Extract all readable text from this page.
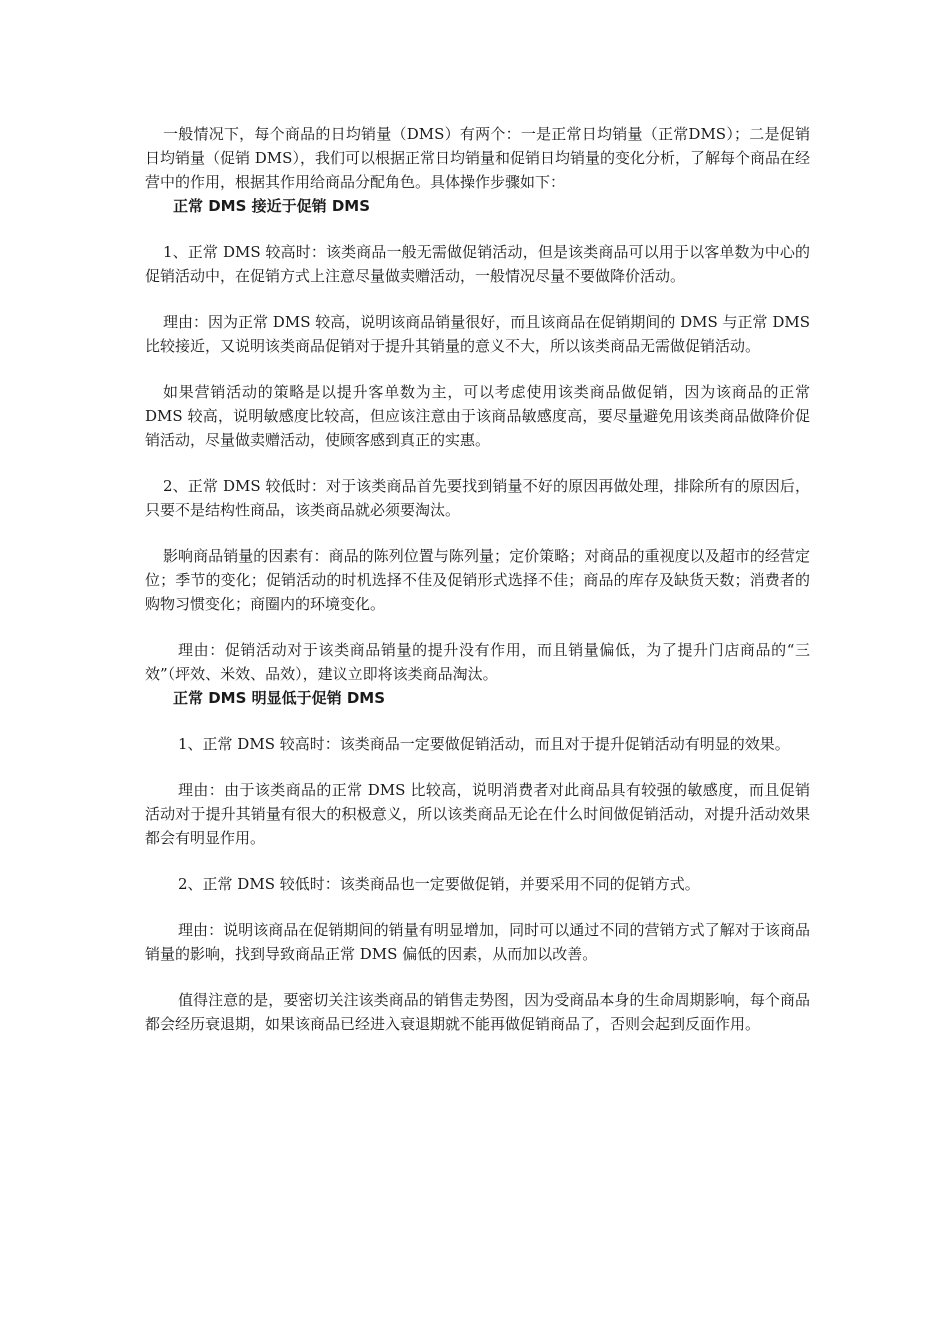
一般情况下，每个商品的日均销量（DMS）有两个：一是正常日均销量（正常DMS）；二是促销日均销量（促销 DMS），我们可以根据正常日均销量和促销日均销量的变化分析，了解每个商品在经营中的作用，根据其作用给商品分配角色。具体操作步骤如下：

正常 DMS 接近于促销 DMS

1、正常 DMS 较高时：该类商品一般无需做促销活动，但是该类商品可以用于以客单数为中心的促销活动中，在促销方式上注意尽量做卖赠活动，一般情况尽量不要做降价活动。

理由：因为正常 DMS 较高，说明该商品销量很好，而且该商品在促销期间的 DMS 与正常 DMS 比较接近，又说明该类商品促销对于提升其销量的意义不大，所以该类商品无需做促销活动。

如果营销活动的策略是以提升客单数为主，可以考虑使用该类商品做促销，因为该商品的正常 DMS 较高，说明敏感度比较高，但应该注意由于该商品敏感度高，要尽量避免用该类商品做降价促销活动，尽量做卖赠活动，使顾客感到真正的实惠。

2、正常 DMS 较低时：对于该类商品首先要找到销量不好的原因再做处理，排除所有的原因后，只要不是结构性商品，该类商品就必须要淘汰。

影响商品销量的因素有：商品的陈列位置与陈列量；定价策略；对商品的重视度以及超市的经营定位；季节的变化；促销活动的时机选择不佳及促销形式选择不佳；商品的库存及缺货天数；消费者的购物习惯变化；商圈内的环境变化。

理由：促销活动对于该类商品销量的提升没有作用，而且销量偏低，为了提升门店商品的“三效”（坪效、米效、品效），建议立即将该类商品淘汰。

正常 DMS 明显低于促销 DMS

1、正常 DMS 较高时：该类商品一定要做促销活动，而且对于提升促销活动有明显的效果。

理由：由于该类商品的正常 DMS 比较高，说明消费者对此商品具有较强的敏感度，而且促销活动对于提升其销量有很大的积极意义，所以该类商品无论在什么时间做促销活动，对提升活动效果都会有明显作用。

2、正常 DMS 较低时：该类商品也一定要做促销，并要采用不同的促销方式。

理由：说明该商品在促销期间的销量有明显增加，同时可以通过不同的营销方式了解对于该商品销量的影响，找到导致商品正常 DMS 偏低的因素，从而加以改善。

值得注意的是，要密切关注该类商品的销售走势图，因为受商品本身的生命周期影响，每个商品都会经历衰退期，如果该商品已经进入衰退期就不能再做促销商品了，否则会起到反面作用。
